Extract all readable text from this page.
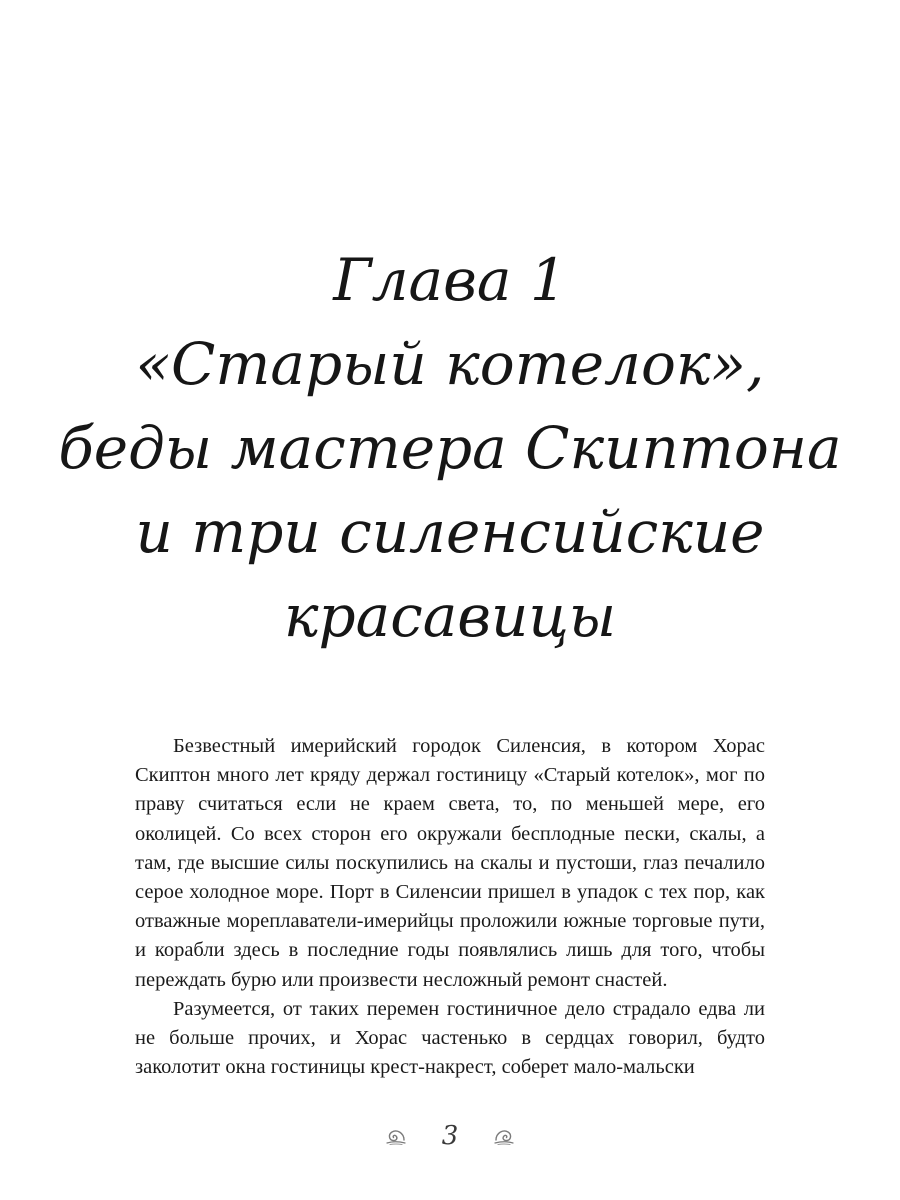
Глава 1
«Старый котелок»,
беды мастера Скиптона
и три силенсийские
красавицы

Безвестный имерийский городок Силенсия, в котором Хорас Скиптон много лет кряду держал гостиницу «Старый котелок», мог по праву считаться если не краем света, то, по меньшей мере, его околицей. Со всех сторон его окружали бесплодные пески, скалы, а там, где высшие силы поскупились на скалы и пустоши, глаз печалило серое холодное море. Порт в Силенсии пришел в упадок с тех пор, как отважные мореплаватели-имерийцы проложили южные торговые пути, и корабли здесь в последние годы появлялись лишь для того, чтобы переждать бурю или произвести несложный ремонт снастей.

Разумеется, от таких перемен гостиничное дело страдало едва ли не больше прочих, и Хорас частенько в сердцах говорил, будто заколотит окна гостиницы крест-накрест, соберет мало-мальски

3
